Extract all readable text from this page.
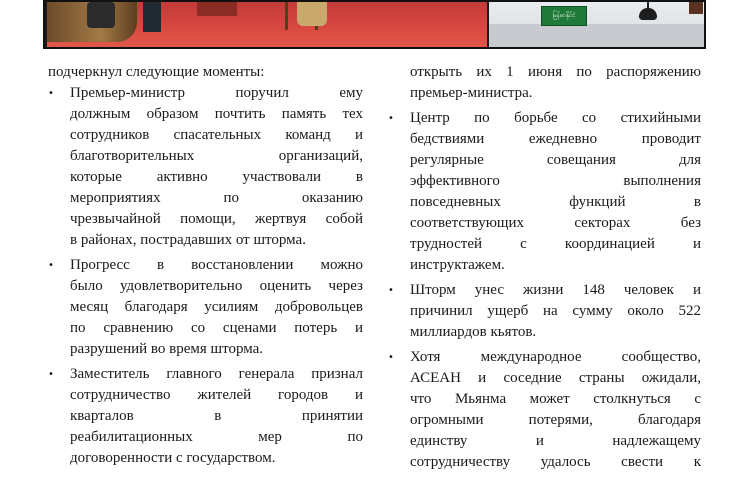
မြန်မာနိုင်ငံ
подчеркнул следующие моменты:
•	Премьер-министр поручил ему
должным образом почтить память тех
сотрудников спасательных команд и
благотворительных организаций,
которые активно участвовали в
мероприятиях по оказанию
чрезвычайной помощи, жертвуя собой
в районах, пострадавших от шторма.
•	Прогресс в восстановлении можно
было удовлетворительно оценить через
месяц благодаря усилиям добровольцев
по сравнению со сценами потерь и
разрушений во время шторма.
•	Заместитель главного генерала признал
сотрудничество жителей городов и
кварталов в принятии
реабилитационных мер по
договоренности с государством.
открыть их 1 июня по распоряжению
премьер-министра.
•	Центр по борьбе со стихийными
бедствиями ежедневно проводит
регулярные совещания для
эффективного выполнения
повседневных функций в
соответствующих секторах без
трудностей с координацией и
инструктажем.
•	Шторм унес жизни 148 человек и
причинил ущерб на сумму около 522
миллиардов кьятов.
•	Хотя международное сообщество,
АСЕАН и соседние страны ожидали,
что Мьянма может столкнуться с
огромными потерями, благодаря
единству и надлежащему
сотрудничеству удалось свести к
